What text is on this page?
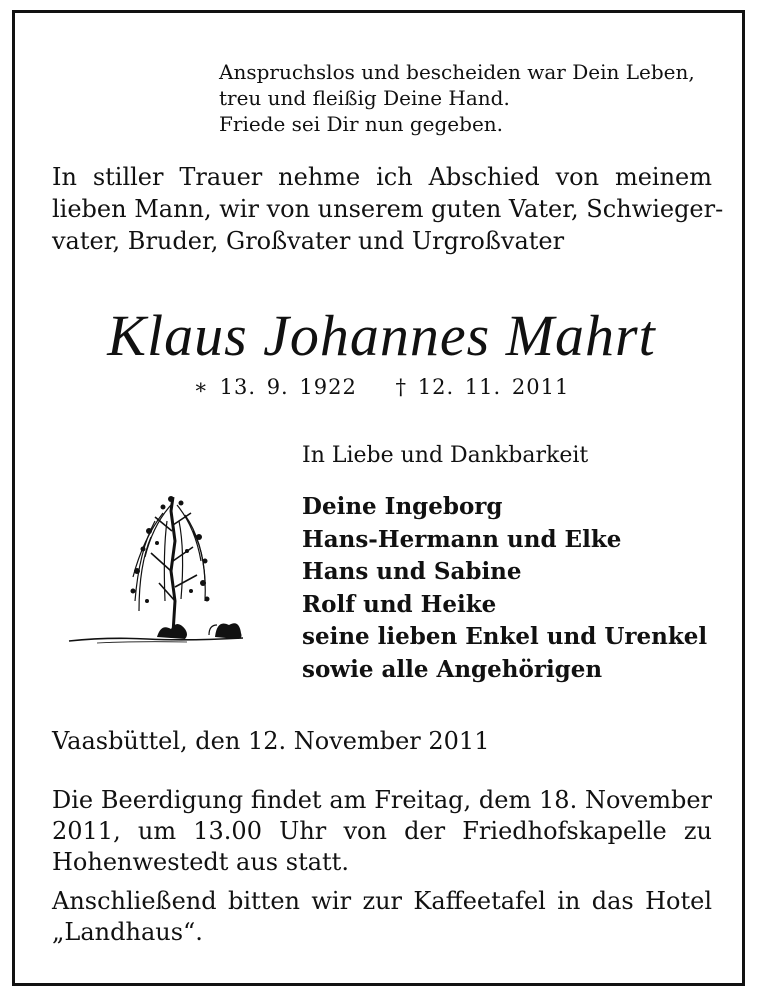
Anspruchslos und bescheiden war Dein Leben,
treu und fleißig Deine Hand.
Friede sei Dir nun gegeben.
In stiller Trauer nehme ich Abschied von meinem
lieben Mann, wir von unserem guten Vater, Schwieger-
vater, Bruder, Großvater und Urgroßvater
Klaus Johannes Mahrt
∗ 13. 9. 1922 † 12. 11. 2011
In Liebe und Dankbarkeit
Deine Ingeborg
Hans-Hermann und Elke
Hans und Sabine
Rolf und Heike
seine lieben Enkel und Urenkel
sowie alle Angehörigen
Vaasbüttel, den 12. November 2011
Die Beerdigung findet am Freitag, dem 18. November
2011, um 13.00 Uhr von der Friedhofskapelle zu
Hohenwestedt aus statt.
Anschließend bitten wir zur Kaffeetafel in das Hotel
„Landhaus“.
